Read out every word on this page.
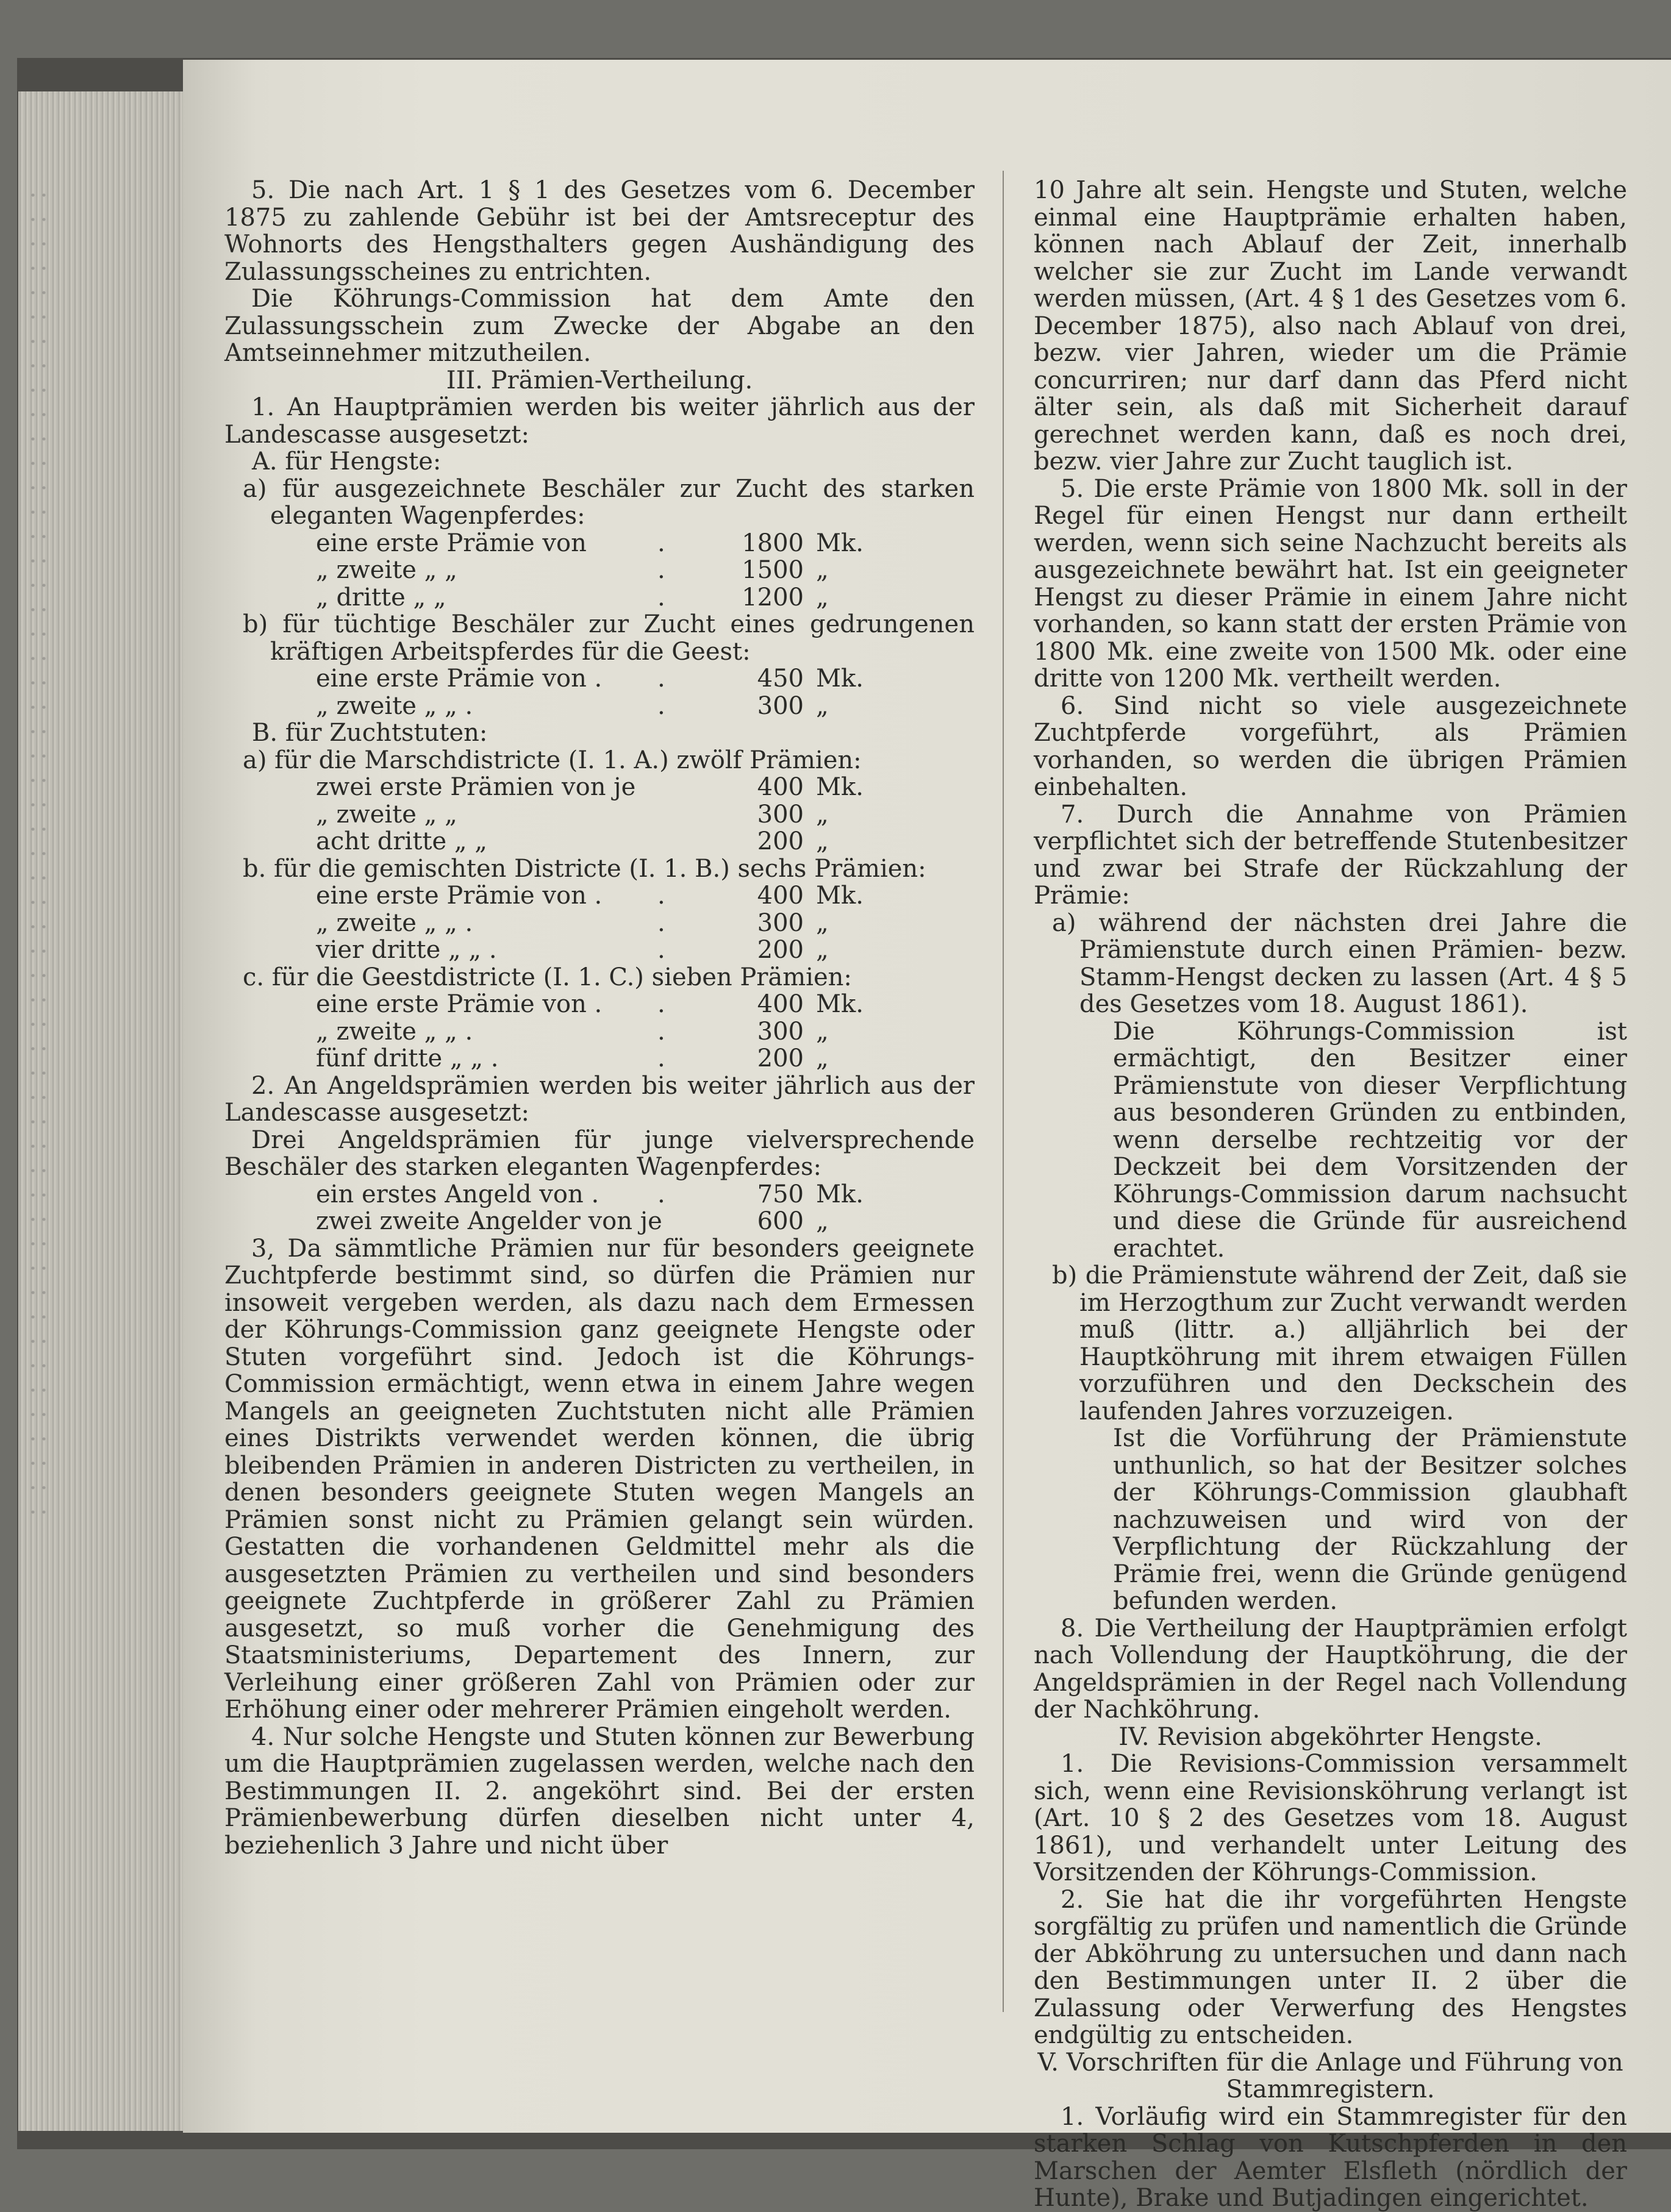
5. Die nach Art. 1 § 1 des Gesetzes vom 6. December 1875 zu zahlende Gebühr ist bei der Amtsreceptur des Wohnorts des Hengsthalters gegen Aushändigung des Zulassungsscheines zu entrichten.

Die Köhrungs-Commission hat dem Amte den Zulassungsschein zum Zwecke der Abgabe an den Amtseinnehmer mitzutheilen.

III. Prämien-Vertheilung.

1. An Hauptprämien werden bis weiter jährlich aus der Landescasse ausgesetzt:

A. für Hengste:

a) für ausgezeichnete Beschäler zur Zucht des starken eleganten Wagenpferdes:

eine erste Prämie von	.	1800 Mk.
„ zweite „ „	.	1500 „
„ dritte „ „	.	1200 „

b) für tüchtige Beschäler zur Zucht eines gedrungenen kräftigen Arbeitspferdes für die Geest:

eine erste Prämie von .	.	450 Mk.
„ zweite „ „ .	.	300 „

B. für Zuchtstuten:

a) für die Marschdistricte (I. 1. A.) zwölf Prämien:

zwei erste Prämien von je	400 Mk.
„ zweite „ „	300 „
acht dritte „ „	200 „

b. für die gemischten Districte (I. 1. B.) sechs Prämien:

eine erste Prämie von .	.	400 Mk.
„ zweite „ „ .	.	300 „
vier dritte „ „ .	.	200 „

c. für die Geestdistricte (I. 1. C.) sieben Prämien:

eine erste Prämie von .	.	400 Mk.
„ zweite „ „ .	.	300 „
fünf dritte „ „ .	.	200 „

2. An Angeldsprämien werden bis weiter jährlich aus der Landescasse ausgesetzt:

Drei Angeldsprämien für junge vielversprechende Beschäler des starken eleganten Wagenpferdes:

ein erstes Angeld von .	.	750 Mk.
zwei zweite Angelder von je	600 „

3, Da sämmtliche Prämien nur für besonders geeignete Zuchtpferde bestimmt sind, so dürfen die Prämien nur insoweit vergeben werden, als dazu nach dem Ermessen der Köhrungs-Commission ganz geeignete Hengste oder Stuten vorgeführt sind. Jedoch ist die Köhrungs-Commission ermächtigt, wenn etwa in einem Jahre wegen Mangels an geeigneten Zuchtstuten nicht alle Prämien eines Distrikts verwendet werden können, die übrig bleibenden Prämien in anderen Districten zu vertheilen, in denen besonders geeignete Stuten wegen Mangels an Prämien sonst nicht zu Prämien gelangt sein würden. Gestatten die vorhandenen Geldmittel mehr als die ausgesetzten Prämien zu vertheilen und sind besonders geeignete Zuchtpferde in größerer Zahl zu Prämien ausgesetzt, so muß vorher die Genehmigung des Staatsministeriums, Departement des Innern, zur Verleihung einer größeren Zahl von Prämien oder zur Erhöhung einer oder mehrerer Prämien eingeholt werden.

4. Nur solche Hengste und Stuten können zur Bewerbung um die Hauptprämien zugelassen werden, welche nach den Bestimmungen II. 2. angeköhrt sind. Bei der ersten Prämienbewerbung dürfen dieselben nicht unter 4, beziehenlich 3 Jahre und nicht über

10 Jahre alt sein. Hengste und Stuten, welche einmal eine Hauptprämie erhalten haben, können nach Ablauf der Zeit, innerhalb welcher sie zur Zucht im Lande verwandt werden müssen, (Art. 4 § 1 des Gesetzes vom 6. December 1875), also nach Ablauf von drei, bezw. vier Jahren, wieder um die Prämie concurriren; nur darf dann das Pferd nicht älter sein, als daß mit Sicherheit darauf gerechnet werden kann, daß es noch drei, bezw. vier Jahre zur Zucht tauglich ist.

5. Die erste Prämie von 1800 Mk. soll in der Regel für einen Hengst nur dann ertheilt werden, wenn sich seine Nachzucht bereits als ausgezeichnete bewährt hat. Ist ein geeigneter Hengst zu dieser Prämie in einem Jahre nicht vorhanden, so kann statt der ersten Prämie von 1800 Mk. eine zweite von 1500 Mk. oder eine dritte von 1200 Mk. vertheilt werden.

6. Sind nicht so viele ausgezeichnete Zuchtpferde vorgeführt, als Prämien vorhanden, so werden die übrigen Prämien einbehalten.

7. Durch die Annahme von Prämien verpflichtet sich der betreffende Stutenbesitzer und zwar bei Strafe der Rückzahlung der Prämie:

a) während der nächsten drei Jahre die Prämienstute durch einen Prämien- bezw. Stamm-Hengst decken zu lassen (Art. 4 § 5 des Gesetzes vom 18. August 1861).

Die Köhrungs-Commission ist ermächtigt, den Besitzer einer Prämienstute von dieser Verpflichtung aus besonderen Gründen zu entbinden, wenn derselbe rechtzeitig vor der Deckzeit bei dem Vorsitzenden der Köhrungs-Commission darum nachsucht und diese die Gründe für ausreichend erachtet.

b) die Prämienstute während der Zeit, daß sie im Herzogthum zur Zucht verwandt werden muß (littr. a.) alljährlich bei der Hauptköhrung mit ihrem etwaigen Füllen vorzuführen und den Deckschein des laufenden Jahres vorzuzeigen.

Ist die Vorführung der Prämienstute unthunlich, so hat der Besitzer solches der Köhrungs-Commission glaubhaft nachzuweisen und wird von der Verpflichtung der Rückzahlung der Prämie frei, wenn die Gründe genügend befunden werden.

8. Die Vertheilung der Hauptprämien erfolgt nach Vollendung der Hauptköhrung, die der Angeldsprämien in der Regel nach Vollendung der Nachköhrung.

IV. Revision abgeköhrter Hengste.

1. Die Revisions-Commission versammelt sich, wenn eine Revisionsköhrung verlangt ist (Art. 10 § 2 des Gesetzes vom 18. August 1861), und verhandelt unter Leitung des Vorsitzenden der Köhrungs-Commission.

2. Sie hat die ihr vorgeführten Hengste sorgfältig zu prüfen und namentlich die Gründe der Abköhrung zu untersuchen und dann nach den Bestimmungen unter II. 2 über die Zulassung oder Verwerfung des Hengstes endgültig zu entscheiden.

V. Vorschriften für die Anlage und Führung von Stammregistern.

1. Vorläufig wird ein Stammregister für den starken Schlag von Kutschpferden in den Marschen der Aemter Elsfleth (nördlich der Hunte), Brake und Butjadingen eingerichtet.
